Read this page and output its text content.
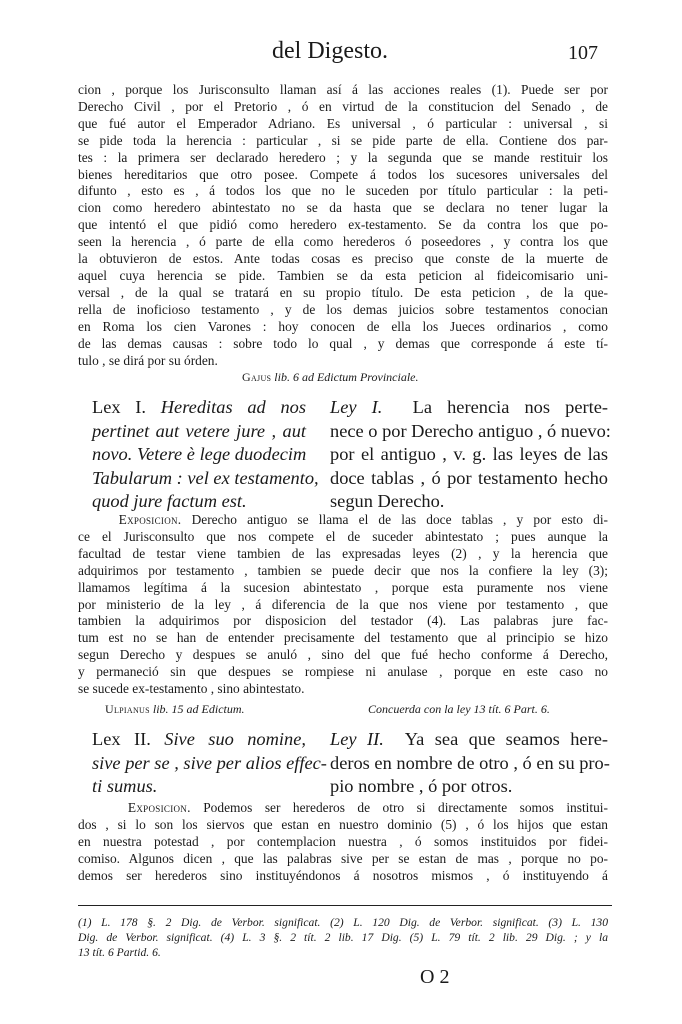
del Digesto.	107
cion , porque los Jurisconsulto llaman así á las acciones reales (1). Puede ser por
Derecho Civil , por el Pretorio , ó en virtud de la constitucion del Senado , de
que fué autor el Emperador Adriano. Es universal , ó particular : universal , si
se pide toda la herencia : particular , si se pide parte de ella. Contiene dos par-
tes : la primera ser declarado heredero ; y la segunda que se mande restituir los
bienes hereditarios que otro posee. Compete á todos los sucesores universales del
difunto , esto es , á todos los que no le suceden por título particular : la peti-
cion como heredero abintestato no se da hasta que se declara no tener lugar la
que intentó el que pidió como heredero ex-testamento. Se da contra los que po-
seen la herencia , ó parte de ella como herederos ó poseedores , y contra los que
la obtuvieron de estos. Ante todas cosas es preciso que conste de la muerte de
aquel cuya herencia se pide. Tambien se da esta peticion al fideicomisario uni-
versal , de la qual se tratará en su propio título. De esta peticion , de la que-
rella de inoficioso testamento , y de los demas juicios sobre testamentos conocian
en Roma los cien Varones : hoy conocen de ella los Jueces ordinarios , como
de las demas causas : sobre todo lo qual , y demas que corresponde á este tí-
tulo , se dirá por su órden.
Gajus lib. 6 ad Edictum Provinciale.
Lex I. Hereditas ad nos
pertinet aut vetere jure , aut
novo. Vetere è lege duodecim
Tabularum : vel ex testamento,
quod jure factum est.
Ley I. La herencia nos perte-
nece o por Derecho antiguo , ó nuevo:
por el antiguo , v. g. las leyes de las
doce tablas , ó por testamento hecho
segun Derecho.
Exposicion. Derecho antiguo se llama el de las doce tablas , y por esto di-
ce el Jurisconsulto que nos compete el de suceder abintestato ; pues aunque la
facultad de testar viene tambien de las expresadas leyes (2) , y la herencia que
adquirimos por testamento , tambien se puede decir que nos la confiere la ley (3);
llamamos legítima á la sucesion abintestato , porque esta puramente nos viene
por ministerio de la ley , á diferencia de la que nos viene por testamento , que
tambien la adquirimos por disposicion del testador (4). Las palabras jure fac-
tum est no se han de entender precisamente del testamento que al principio se hizo
segun Derecho y despues se anuló , sino del que fué hecho conforme á Derecho,
y permaneció sin que despues se rompiese ni anulase , porque en este caso no
se sucede ex-testamento , sino abintestato.
Ulpianus lib. 15 ad Edictum.	Concuerda con la ley 13 tít. 6 Part. 6.
Lex II. Sive suo nomine,
sive per se , sive per alios effec-
ti sumus.
Ley II. Ya sea que seamos here-
deros en nombre de otro , ó en su pro-
pio nombre , ó por otros.
Exposicion. Podemos ser herederos de otro si directamente somos institui-
dos , si lo son los siervos que estan en nuestro dominio (5) , ó los hijos que estan
en nuestra potestad , por contemplacion nuestra , ó somos instituidos por fidei-
comiso. Algunos dicen , que las palabras sive per se estan de mas , porque no po-
demos ser herederos sino instituyéndonos á nosotros mismos , ó instituyendo á
(1) L. 178 §. 2 Dig. de Verbor. significat. (2) L. 120 Dig. de Verbor. significat. (3) L. 130
Dig. de Verbor. significat. (4) L. 3 §. 2 tít. 2 lib. 17 Dig. (5) L. 79 tít. 2 lib. 29 Dig. ; y la
13 tít. 6 Partid. 6.
O 2
